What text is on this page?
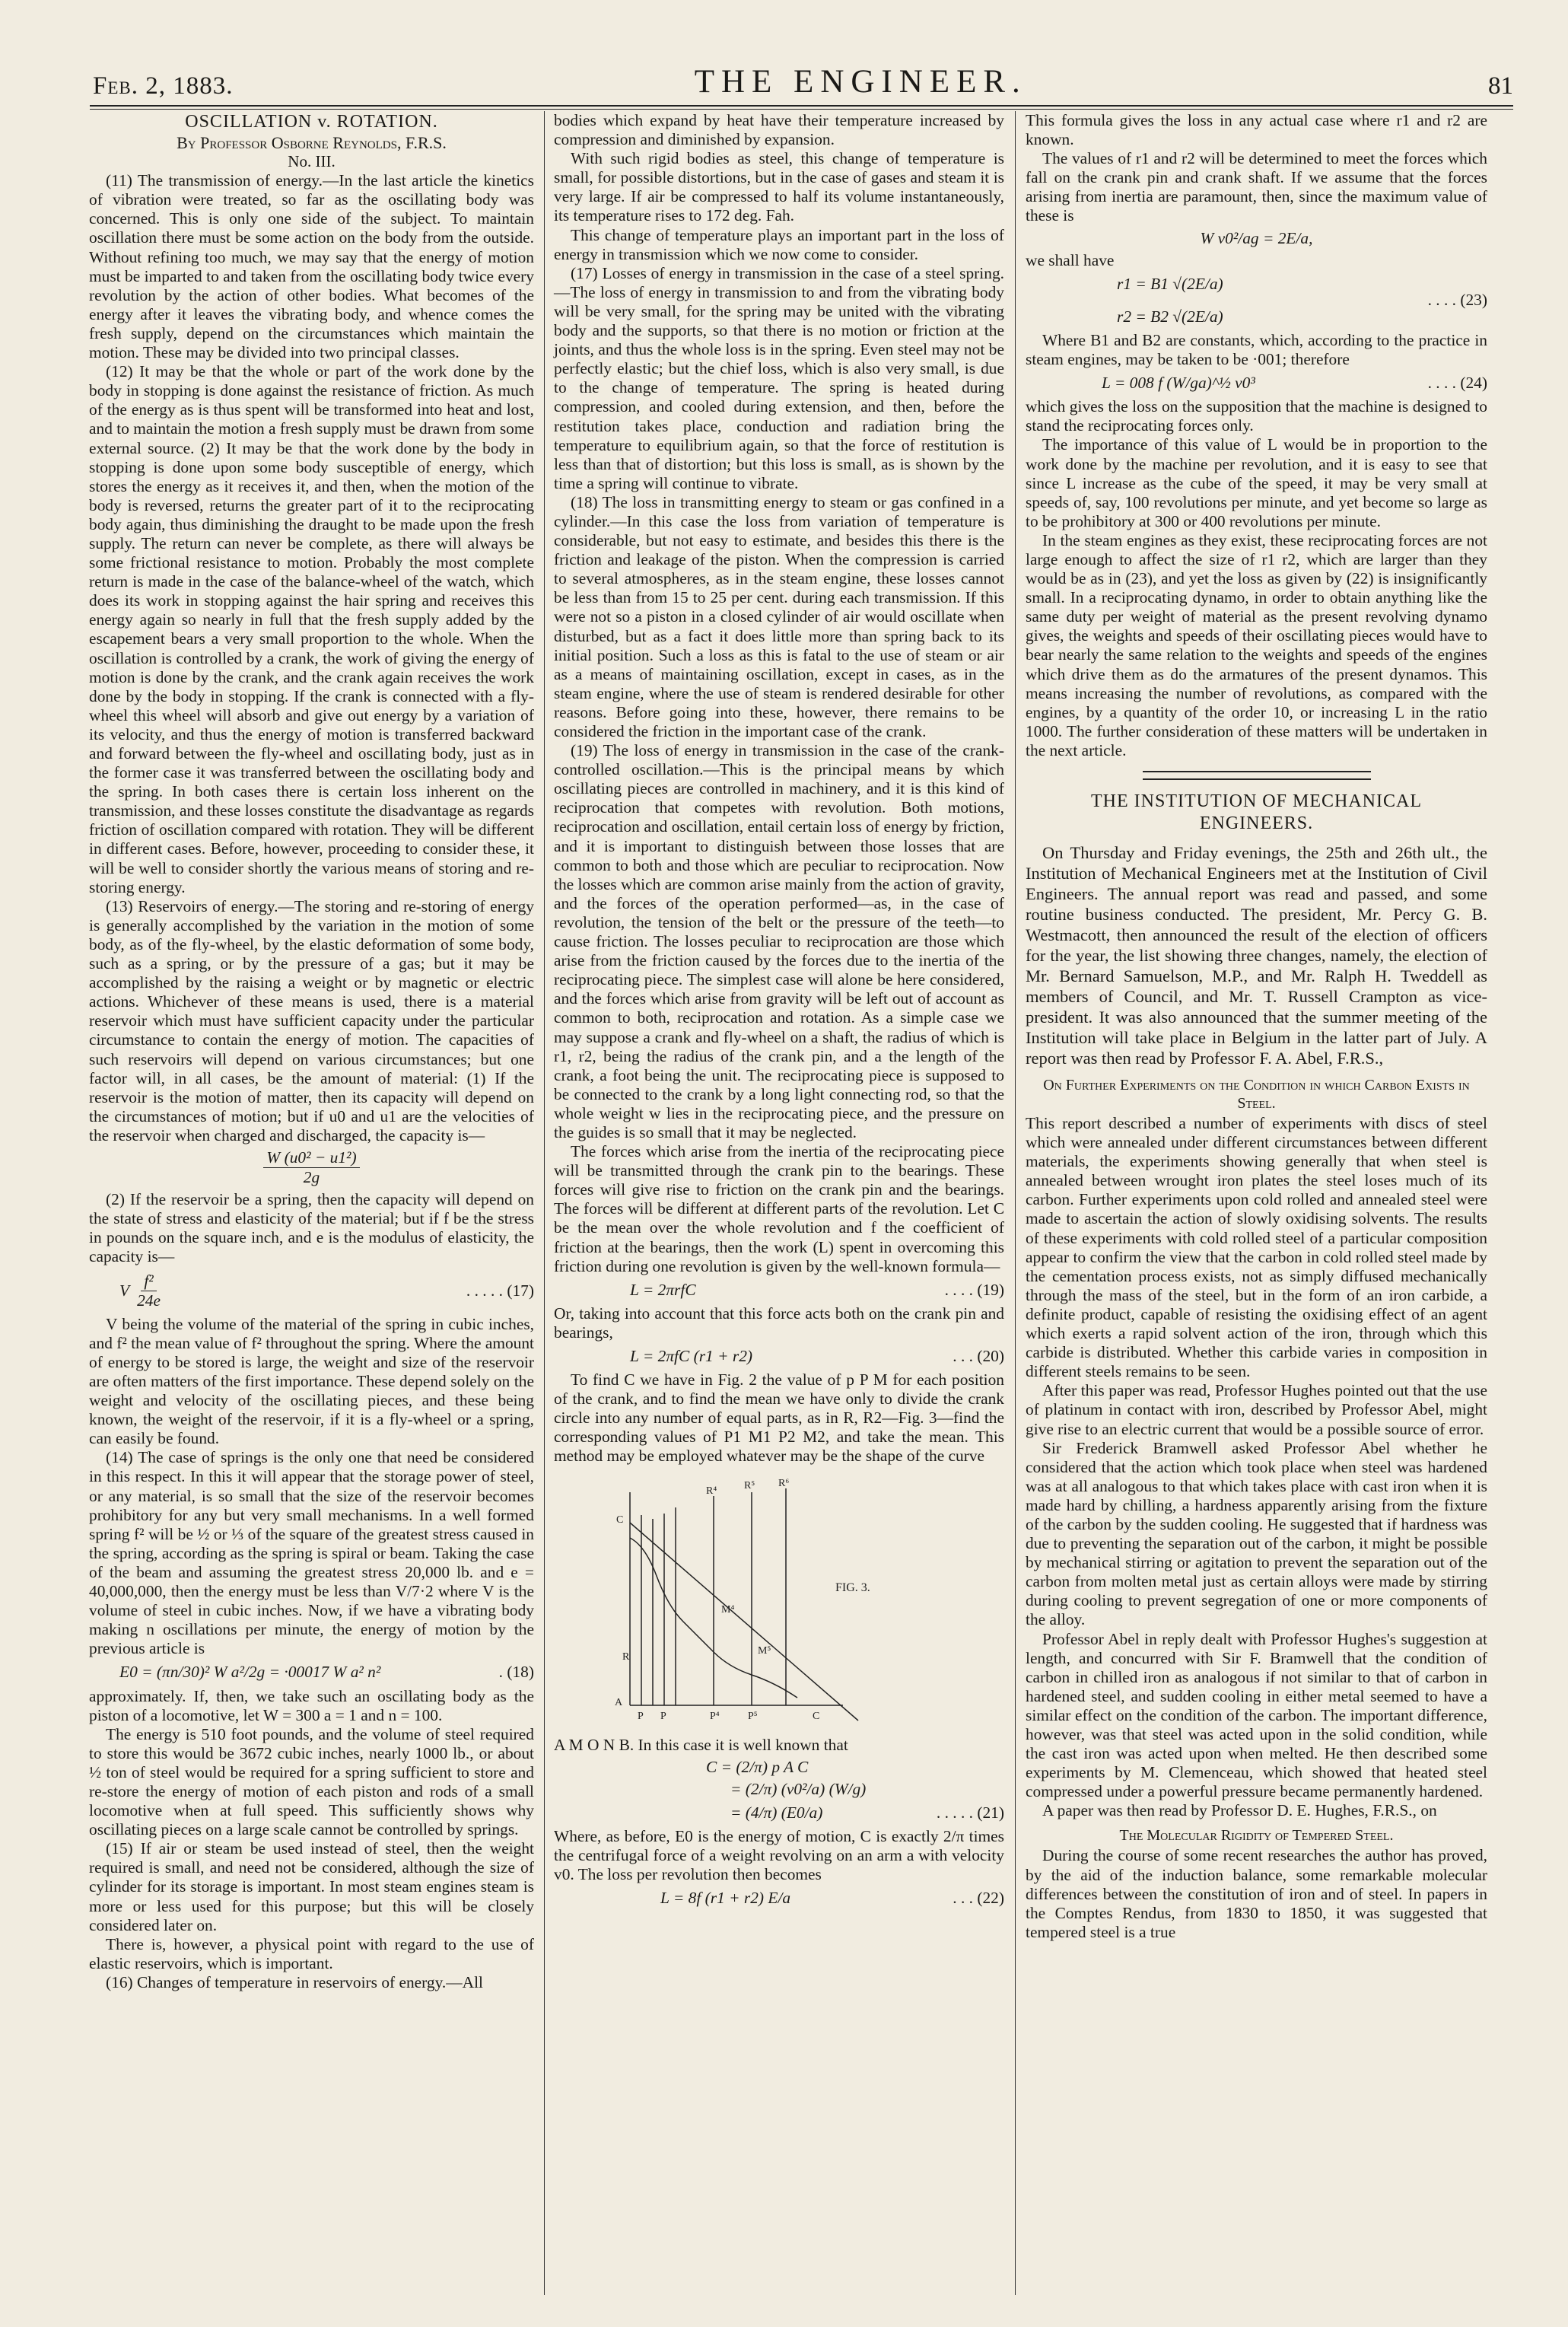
Feb. 2, 1883.	THE ENGINEER.	81
OSCILLATION v. ROTATION.
By Professor Osborne Reynolds, F.R.S.
No. III.

(11) The transmission of energy.—In the last article the kinetics of vibration were treated, so far as the oscillating body was concerned. This is only one side of the subject. To maintain oscillation there must be some action on the body from the outside. Without refining too much, we may say that the energy of motion must be imparted to and taken from the oscillating body twice every revolution by the action of other bodies. What becomes of the energy after it leaves the vibrating body, and whence comes the fresh supply, depend on the circumstances which maintain the motion. These may be divided into two principal classes.

(12) It may be that the whole or part of the work done by the body in stopping is done against the resistance of friction. As much of the energy as is thus spent will be transformed into heat and lost, and to maintain the motion a fresh supply must be drawn from some external source. (2) It may be that the work done by the body in stopping is done upon some body susceptible of energy, which stores the energy as it receives it, and then, when the motion of the body is reversed, returns the greater part of it to the reciprocating body again, thus diminishing the draught to be made upon the fresh supply. The return can never be complete, as there will always be some frictional resistance to motion. Probably the most complete return is made in the case of the balance-wheel of the watch, which does its work in stopping against the hair spring and receives this energy again so nearly in full that the fresh supply added by the escapement bears a very small proportion to the whole. When the oscillation is controlled by a crank, the work of giving the energy of motion is done by the crank, and the crank again receives the work done by the body in stopping. If the crank is connected with a fly-wheel this wheel will absorb and give out energy by a variation of its velocity, and thus the energy of motion is transferred backward and forward between the fly-wheel and oscillating body, just as in the former case it was transferred between the oscillating body and the spring. In both cases there is certain loss inherent on the transmission, and these losses constitute the disadvantage as regards friction of oscillation compared with rotation. They will be different in different cases. Before, however, proceeding to consider these, it will be well to consider shortly the various means of storing and re-storing energy.

(13) Reservoirs of energy.—The storing and re-storing of energy is generally accomplished by the variation in the motion of some body, as of the fly-wheel, by the elastic deformation of some body, such as a spring, or by the pressure of a gas; but it may be accomplished by the raising a weight or by magnetic or electric actions. Whichever of these means is used, there is a material reservoir which must have sufficient capacity under the particular circumstance to contain the energy of motion. The capacities of such reservoirs will depend on various circumstances; but one factor will, in all cases, be the amount of material: (1) If the reservoir is the motion of matter, then its capacity will depend on the circumstances of motion; but if u0 and u1 are the velocities of the reservoir when charged and discharged, the capacity is—

$\frac{\text{W (u0² − u1²)}}{2g}$

(2) If the reservoir be a spring, then the capacity will depend on the state of stress and elasticity of the material; but if f be the stress in pounds on the square inch, and e is the modulus of elasticity, the capacity is—

V $\frac{\text{f²}}{24e}$	. . . . . (17)

V being the volume of the material of the spring in cubic inches, and f² the mean value of f² throughout the spring. Where the amount of energy to be stored is large, the weight and size of the reservoir are often matters of the first importance. These depend solely on the weight and velocity of the oscillating pieces, and these being known, the weight of the reservoir, if it is a fly-wheel or a spring, can easily be found.

(14) The case of springs is the only one that need be considered in this respect. In this it will appear that the storage power of steel, or any material, is so small that the size of the reservoir becomes prohibitory for any but very small mechanisms. In a well formed spring f² will be ½ or ⅓ of the square of the greatest stress caused in the spring, according as the spring is spiral or beam. Taking the case of the beam and assuming the greatest stress 20,000 lb. and e = 40,000,000, then the energy must be less than V/7·2 where V is the volume of steel in cubic inches. Now, if we have a vibrating body making n oscillations per minute, the energy of motion by the previous article is

E0 = (πn/30)² W a²/2g = ·00017 W a² n²	. (18)

approximately. If, then, we take such an oscillating body as the piston of a locomotive, let W = 300 a = 1 and n = 100.

The energy is 510 foot pounds, and the volume of steel required to store this would be 3672 cubic inches, nearly 1000 lb., or about ½ ton of steel would be required for a spring sufficient to store and re-store the energy of motion of each piston and rods of a small locomotive when at full speed. This sufficiently shows why oscillating pieces on a large scale cannot be controlled by springs.

(15) If air or steam be used instead of steel, then the weight required is small, and need not be considered, although the size of cylinder for its storage is important. In most steam engines steam is more or less used for this purpose; but this will be closely considered later on.

There is, however, a physical point with regard to the use of elastic reservoirs, which is important.

(16) Changes of temperature in reservoirs of energy.—All

bodies which expand by heat have their temperature increased by compression and diminished by expansion.

With such rigid bodies as steel, this change of temperature is small, for possible distortions, but in the case of gases and steam it is very large. If air be compressed to half its volume instantaneously, its temperature rises to 172 deg. Fah.

This change of temperature plays an important part in the loss of energy in transmission which we now come to consider.

(17) Losses of energy in transmission in the case of a steel spring.—The loss of energy in transmission to and from the vibrating body will be very small, for the spring may be united with the vibrating body and the supports, so that there is no motion or friction at the joints, and thus the whole loss is in the spring. Even steel may not be perfectly elastic; but the chief loss, which is also very small, is due to the change of temperature. The spring is heated during compression, and cooled during extension, and then, before the restitution takes place, conduction and radiation bring the temperature to equilibrium again, so that the force of restitution is less than that of distortion; but this loss is small, as is shown by the time a spring will continue to vibrate.

(18) The loss in transmitting energy to steam or gas confined in a cylinder.—In this case the loss from variation of temperature is considerable, but not easy to estimate, and besides this there is the friction and leakage of the piston. When the compression is carried to several atmospheres, as in the steam engine, these losses cannot be less than from 15 to 25 per cent. during each transmission. If this were not so a piston in a closed cylinder of air would oscillate when disturbed, but as a fact it does little more than spring back to its initial position. Such a loss as this is fatal to the use of steam or air as a means of maintaining oscillation, except in cases, as in the steam engine, where the use of steam is rendered desirable for other reasons. Before going into these, however, there remains to be considered the friction in the important case of the crank.

(19) The loss of energy in transmission in the case of the crank-controlled oscillation.—This is the principal means by which oscillating pieces are controlled in machinery, and it is this kind of reciprocation that competes with revolution. Both motions, reciprocation and oscillation, entail certain loss of energy by friction, and it is important to distinguish between those losses that are common to both and those which are peculiar to reciprocation. Now the losses which are common arise mainly from the action of gravity, and the forces of the operation performed—as, in the case of revolution, the tension of the belt or the pressure of the teeth—to cause friction. The losses peculiar to reciprocation are those which arise from the friction caused by the forces due to the inertia of the reciprocating piece. The simplest case will alone be here considered, and the forces which arise from gravity will be left out of account as common to both, reciprocation and rotation. As a simple case we may suppose a crank and fly-wheel on a shaft, the radius of which is r1, r2, being the radius of the crank pin, and a the length of the crank, a foot being the unit. The reciprocating piece is supposed to be connected to the crank by a long light connecting rod, so that the whole weight w lies in the reciprocating piece, and the pressure on the guides is so small that it may be neglected.

The forces which arise from the inertia of the reciprocating piece will be transmitted through the crank pin to the bearings. These forces will give rise to friction on the crank pin and the bearings. The forces will be different at different parts of the revolution. Let C be the mean over the whole revolution and f the coefficient of friction at the bearings, then the work (L) spent in overcoming this friction during one revolution is given by the well-known formula—

L = 2πrfC	. . . . (19)

Or, taking into account that this force acts both on the crank pin and bearings,

L = 2πfC (r1 + r2)	. . . (20)

To find C we have in Fig. 2 the value of p P M for each position of the crank, and to find the mean we have only to divide the crank circle into any number of equal parts, as in R, R2—Fig. 3—find the corresponding values of P1 M1 P2 M2, and take the mean. This method may be employed whatever may be the shape of the curve

A
C
R
R⁴	R⁵ R⁶
M⁴
M⁵
P P	P⁴	P⁵	C
FIG. 3.

A M O N B. In this case it is well known that

C = (2/π) p A C
= (2/π) (v0²/a) (W/g)
= (4/π) (E0/a)	. . . . . (21)

Where, as before, E0 is the energy of motion, C is exactly 2/π times the centrifugal force of a weight revolving on an arm a with velocity v0. The loss per revolution then becomes

L = 8f (r1 + r2) E/a	. . . (22)

This formula gives the loss in any actual case where r1 and r2 are known.

The values of r1 and r2 will be determined to meet the forces which fall on the crank pin and crank shaft. If we assume that the forces arising from inertia are paramount, then, since the maximum value of these is

W v0²/ag = 2E/a,

we shall have

r1 = B1 √(2E/a)
r2 = B2 √(2E/a)
. . . . (23)

Where B1 and B2 are constants, which, according to the practice in steam engines, may be taken to be ·001; therefore

L = 008 f (W/ga)^½ v0³	. . . . (24)

which gives the loss on the supposition that the machine is designed to stand the reciprocating forces only.

The importance of this value of L would be in proportion to the work done by the machine per revolution, and it is easy to see that since L increase as the cube of the speed, it may be very small at speeds of, say, 100 revolutions per minute, and yet become so large as to be prohibitory at 300 or 400 revolutions per minute.

In the steam engines as they exist, these reciprocating forces are not large enough to affect the size of r1 r2, which are larger than they would be as in (23), and yet the loss as given by (22) is insignificantly small. In a reciprocating dynamo, in order to obtain anything like the same duty per weight of material as the present revolving dynamo gives, the weights and speeds of their oscillating pieces would have to bear nearly the same relation to the weights and speeds of the engines which drive them as do the armatures of the present dynamos. This means increasing the number of revolutions, as compared with the engines, by a quantity of the order 10, or increasing L in the ratio 1000. The further consideration of these matters will be undertaken in the next article.

THE INSTITUTION OF MECHANICAL ENGINEERS.

On Thursday and Friday evenings, the 25th and 26th ult., the Institution of Mechanical Engineers met at the Institution of Civil Engineers. The annual report was read and passed, and some routine business conducted. The president, Mr. Percy G. B. Westmacott, then announced the result of the election of officers for the year, the list showing three changes, namely, the election of Mr. Bernard Samuelson, M.P., and Mr. Ralph H. Tweddell as members of Council, and Mr. T. Russell Crampton as vice-president. It was also announced that the summer meeting of the Institution will take place in Belgium in the latter part of July. A report was then read by Professor F. A. Abel, F.R.S.,

On Further Experiments on the Condition in which Carbon Exists in Steel.

This report described a number of experiments with discs of steel which were annealed under different circumstances between different materials, the experiments showing generally that when steel is annealed between wrought iron plates the steel loses much of its carbon. Further experiments upon cold rolled and annealed steel were made to ascertain the action of slowly oxidising solvents. The results of these experiments with cold rolled steel of a particular composition appear to confirm the view that the carbon in cold rolled steel made by the cementation process exists, not as simply diffused mechanically through the mass of the steel, but in the form of an iron carbide, a definite product, capable of resisting the oxidising effect of an agent which exerts a rapid solvent action of the iron, through which this carbide is distributed. Whether this carbide varies in composition in different steels remains to be seen.

After this paper was read, Professor Hughes pointed out that the use of platinum in contact with iron, described by Professor Abel, might give rise to an electric current that would be a possible source of error.

Sir Frederick Bramwell asked Professor Abel whether he considered that the action which took place when steel was hardened was at all analogous to that which takes place with cast iron when it is made hard by chilling, a hardness apparently arising from the fixture of the carbon by the sudden cooling. He suggested that if hardness was due to preventing the separation out of the carbon, it might be possible by mechanical stirring or agitation to prevent the separation out of the carbon from molten metal just as certain alloys were made by stirring during cooling to prevent segregation of one or more components of the alloy.

Professor Abel in reply dealt with Professor Hughes's suggestion at length, and concurred with Sir F. Bramwell that the condition of carbon in chilled iron as analogous if not similar to that of carbon in hardened steel, and sudden cooling in either metal seemed to have a similar effect on the condition of the carbon. The important difference, however, was that steel was acted upon in the solid condition, while the cast iron was acted upon when melted. He then described some experiments by M. Clemenceau, which showed that heated steel compressed under a powerful pressure became permanently hardened.

A paper was then read by Professor D. E. Hughes, F.R.S., on

The Molecular Rigidity of Tempered Steel.

During the course of some recent researches the author has proved, by the aid of the induction balance, some remarkable molecular differences between the constitution of iron and of steel. In papers in the Comptes Rendus, from 1830 to 1850, it was suggested that tempered steel is a true
